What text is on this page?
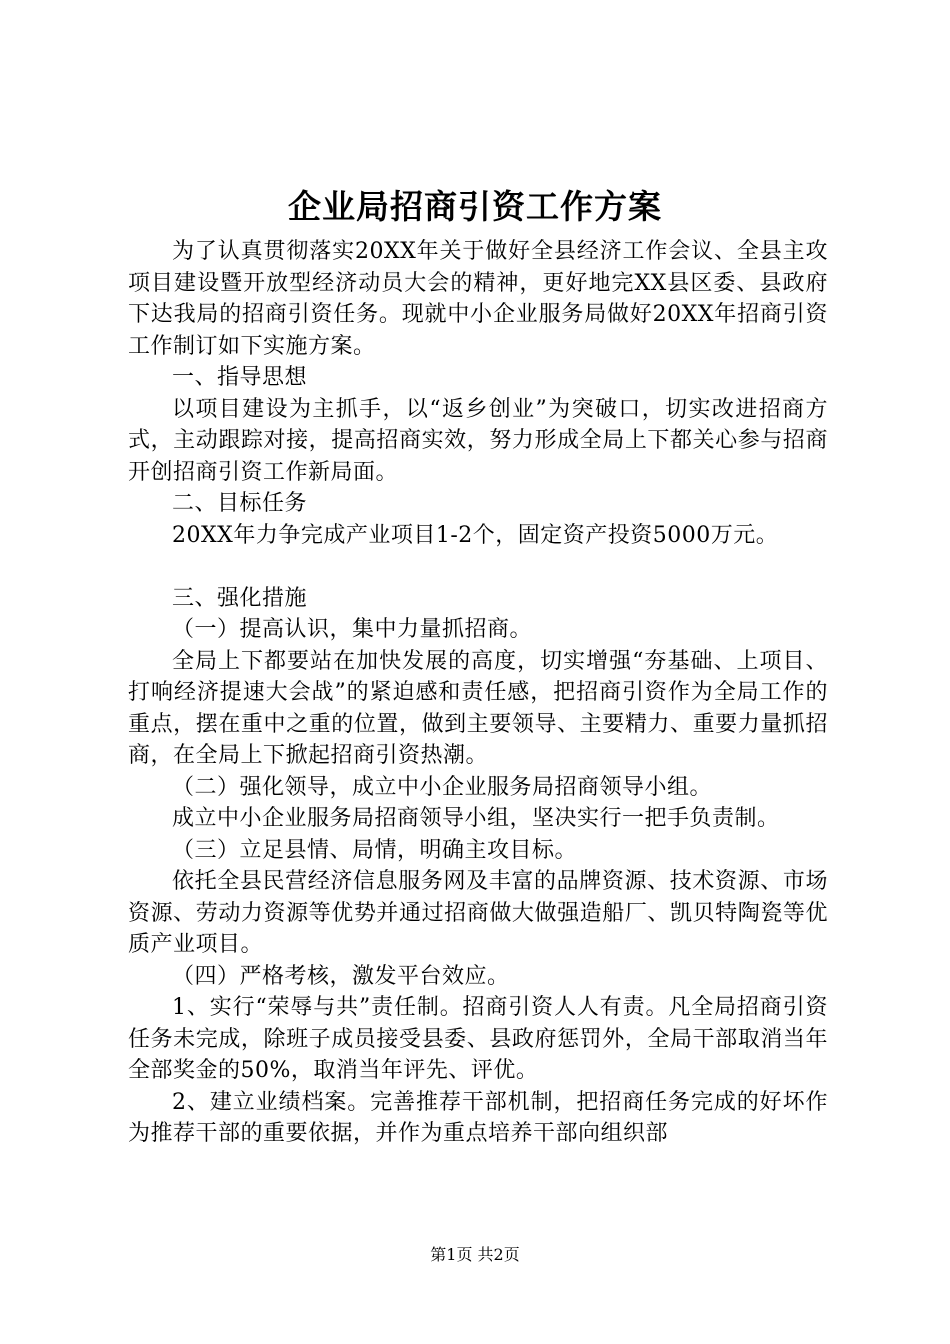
企业局招商引资工作方案

为了认真贯彻落实20XX年关于做好全县经济工作会议、全县主攻项目建设暨开放型经济动员大会的精神，更好地完XX县区委、县政府下达我局的招商引资任务。现就中小企业服务局做好20XX年招商引资工作制订如下实施方案。

一、指导思想

以项目建设为主抓手，以“返乡创业”为突破口，切实改进招商方式，主动跟踪对接，提高招商实效，努力形成全局上下都关心参与招商开创招商引资工作新局面。

二、目标任务

20XX年力争完成产业项目1-2个，固定资产投资5000万元。

三、强化措施

（一）提高认识，集中力量抓招商。

全局上下都要站在加快发展的高度，切实增强“夯基础、上项目、打响经济提速大会战”的紧迫感和责任感，把招商引资作为全局工作的重点，摆在重中之重的位置，做到主要领导、主要精力、重要力量抓招商，在全局上下掀起招商引资热潮。

（二）强化领导，成立中小企业服务局招商领导小组。

成立中小企业服务局招商领导小组，坚决实行一把手负责制。

（三）立足县情、局情，明确主攻目标。

依托全县民营经济信息服务网及丰富的品牌资源、技术资源、市场资源、劳动力资源等优势并通过招商做大做强造船厂、凯贝特陶瓷等优质产业项目。

（四）严格考核，激发平台效应。

1、实行“荣辱与共”责任制。招商引资人人有责。凡全局招商引资任务未完成，除班子成员接受县委、县政府惩罚外，全局干部取消当年全部奖金的50%，取消当年评先、评优。

2、建立业绩档案。完善推荐干部机制，把招商任务完成的好坏作为推荐干部的重要依据，并作为重点培养干部向组织部

第1页 共2页
